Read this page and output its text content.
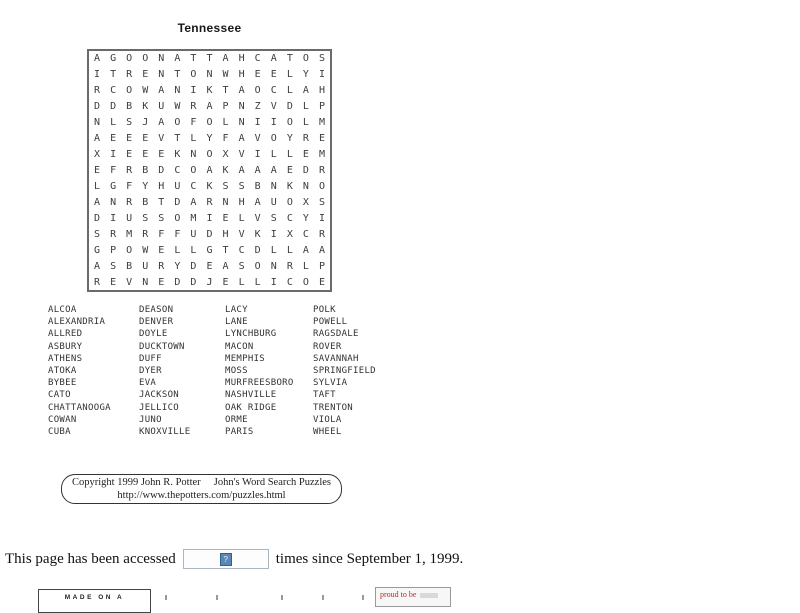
Tennessee
A	G	O	O	N	A	T	T	A	H	C	A	T	O	S
I	T	R	E	N	T	O	N	W	H	E	E	L	Y	I
R	C	O	W	A	N	I	K	T	A	O	C	L	A	H
D	D	B	K	U	W	R	A	P	N	Z	V	D	L	P
N	L	S	J	A	O	F	O	L	N	I	I	O	L	M
A	E	E	E	V	T	L	Y	F	A	V	O	Y	R	E
X	I	E	E	E	K	N	O	X	V	I	L	L	E	M
E	F	R	B	D	C	O	A	K	A	A	A	E	D	R
L	G	F	Y	H	U	C	K	S	S	B	N	K	N	O
A	N	R	B	T	D	A	R	N	H	A	U	O	X	S
D	I	U	S	S	O	M	I	E	L	V	S	C	Y	I
S	R	M	R	F	F	U	D	H	V	K	I	X	C	R
G	P	O	W	E	L	L	G	T	C	D	L	L	A	A
A	S	B	U	R	Y	D	E	A	S	O	N	R	L	P
R	E	V	N	E	D	D	J	E	L	L	I	C	O	E
ALCOA
ALEXANDRIA
ALLRED
ASBURY
ATHENS
ATOKA
BYBEE
CATO
CHATTANOOGA
COWAN
CUBA
DEASON
DENVER
DOYLE
DUCKTOWN
DUFF
DYER
EVA
JACKSON
JELLICO
JUNO
KNOXVILLE
LACY
LANE
LYNCHBURG
MACON
MEMPHIS
MOSS
MURFREESBORO
NASHVILLE
OAK RIDGE
ORME
PARIS
POLK
POWELL
RAGSDALE
ROVER
SAVANNAH
SPRINGFIELD
SYLVIA
TAFT
TRENTON
VIOLA
WHEEL
Copyright 1999 John R. Potter     John's Word Search Puzzles
http://www.thepotters.com/puzzles.html
This page has been accessed	?	times since September 1, 1999.
MADE ON A	proud to be
